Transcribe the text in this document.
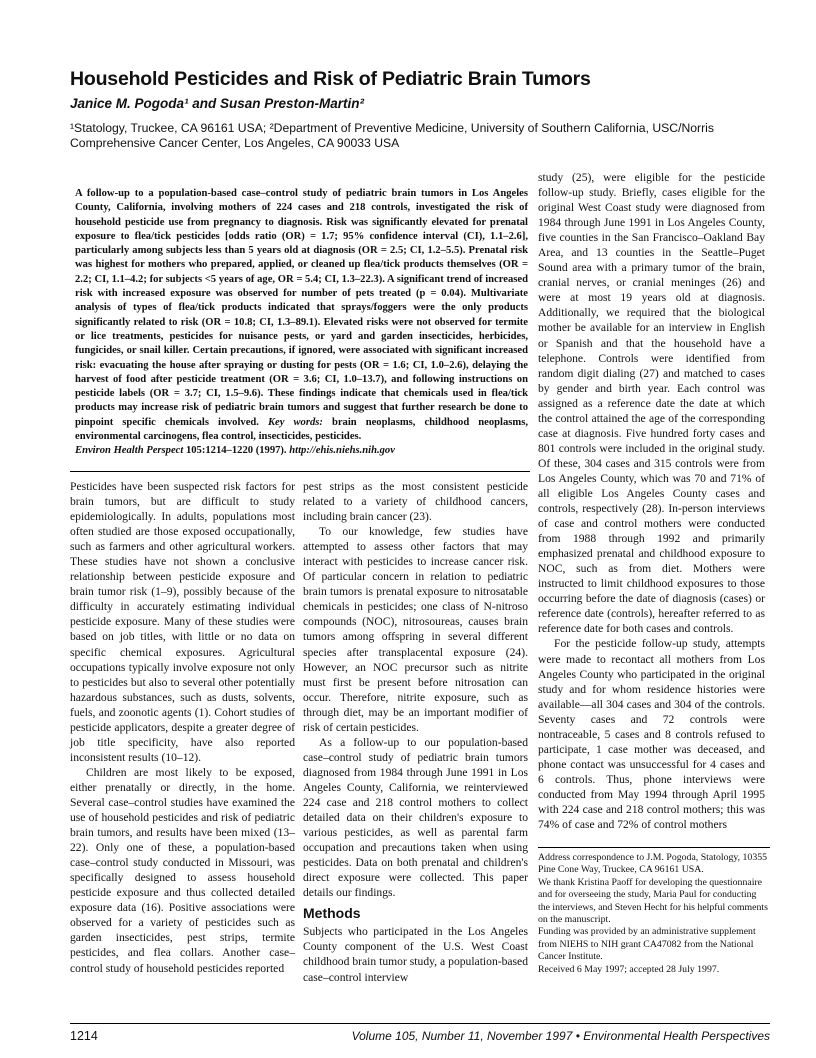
Household Pesticides and Risk of Pediatric Brain Tumors
Janice M. Pogoda¹ and Susan Preston-Martin²
¹Statology, Truckee, CA 96161 USA; ²Department of Preventive Medicine, University of Southern California, USC/Norris Comprehensive Cancer Center, Los Angeles, CA 90033 USA
A follow-up to a population-based case–control study of pediatric brain tumors in Los Angeles County, California, involving mothers of 224 cases and 218 controls, investigated the risk of household pesticide use from pregnancy to diagnosis. Risk was significantly elevated for prenatal exposure to flea/tick pesticides [odds ratio (OR) = 1.7; 95% confidence interval (CI), 1.1–2.6], particularly among subjects less than 5 years old at diagnosis (OR = 2.5; CI, 1.2–5.5). Prenatal risk was highest for mothers who prepared, applied, or cleaned up flea/tick products themselves (OR = 2.2; CI, 1.1–4.2; for subjects <5 years of age, OR = 5.4; CI, 1.3–22.3). A significant trend of increased risk with increased exposure was observed for number of pets treated (p = 0.04). Multivariate analysis of types of flea/tick products indicated that sprays/foggers were the only products significantly related to risk (OR = 10.8; CI, 1.3–89.1). Elevated risks were not observed for termite or lice treatments, pesticides for nuisance pests, or yard and garden insecticides, herbicides, fungicides, or snail killer. Certain precautions, if ignored, were associated with significant increased risk: evacuating the house after spraying or dusting for pests (OR = 1.6; CI, 1.0–2.6), delaying the harvest of food after pesticide treatment (OR = 3.6; CI, 1.0–13.7), and following instructions on pesticide labels (OR = 3.7; CI, 1.5–9.6). These findings indicate that chemicals used in flea/tick products may increase risk of pediatric brain tumors and suggest that further research be done to pinpoint specific chemicals involved. Key words: brain neoplasms, childhood neoplasms, environmental carcinogens, flea control, insecticides, pesticides.
Environ Health Perspect 105:1214–1220 (1997). http://ehis.niehs.nih.gov

Pesticides have been suspected risk factors for brain tumors, but are difficult to study epidemiologically. In adults, populations most often studied are those exposed occupationally, such as farmers and other agricultural workers. These studies have not shown a conclusive relationship between pesticide exposure and brain tumor risk (1–9), possibly because of the difficulty in accurately estimating individual pesticide exposure. Many of these studies were based on job titles, with little or no data on specific chemical exposures. Agricultural occupations typically involve exposure not only to pesticides but also to several other potentially hazardous substances, such as dusts, solvents, fuels, and zoonotic agents (1). Cohort studies of pesticide applicators, despite a greater degree of job title specificity, have also reported inconsistent results (10–12).

Children are most likely to be exposed, either prenatally or directly, in the home. Several case–control studies have examined the use of household pesticides and risk of pediatric brain tumors, and results have been mixed (13–22). Only one of these, a population-based case–control study conducted in Missouri, was specifically designed to assess household pesticide exposure and thus collected detailed exposure data (16). Positive associations were observed for a variety of pesticides such as garden insecticides, pest strips, termite pesticides, and flea collars. Another case–control study of household pesticides reported

pest strips as the most consistent pesticide related to a variety of childhood cancers, including brain cancer (23).

To our knowledge, few studies have attempted to assess other factors that may interact with pesticides to increase cancer risk. Of particular concern in relation to pediatric brain tumors is prenatal exposure to nitrosatable chemicals in pesticides; one class of N-nitroso compounds (NOC), nitrosoureas, causes brain tumors among offspring in several different species after transplacental exposure (24). However, an NOC precursor such as nitrite must first be present before nitrosation can occur. Therefore, nitrite exposure, such as through diet, may be an important modifier of risk of certain pesticides.

As a follow-up to our population-based case–control study of pediatric brain tumors diagnosed from 1984 through June 1991 in Los Angeles County, California, we reinterviewed 224 case and 218 control mothers to collect detailed data on their children's exposure to various pesticides, as well as parental farm occupation and precautions taken when using pesticides. Data on both prenatal and children's direct exposure were collected. This paper details our findings.

Methods

Subjects who participated in the Los Angeles County component of the U.S. West Coast childhood brain tumor study, a population-based case–control interview

study (25), were eligible for the pesticide follow-up study. Briefly, cases eligible for the original West Coast study were diagnosed from 1984 through June 1991 in Los Angeles County, five counties in the San Francisco–Oakland Bay Area, and 13 counties in the Seattle–Puget Sound area with a primary tumor of the brain, cranial nerves, or cranial meninges (26) and were at most 19 years old at diagnosis. Additionally, we required that the biological mother be available for an interview in English or Spanish and that the household have a telephone. Controls were identified from random digit dialing (27) and matched to cases by gender and birth year. Each control was assigned as a reference date the date at which the control attained the age of the corresponding case at diagnosis. Five hundred forty cases and 801 controls were included in the original study. Of these, 304 cases and 315 controls were from Los Angeles County, which was 70 and 71% of all eligible Los Angeles County cases and controls, respectively (28). In-person interviews of case and control mothers were conducted from 1988 through 1992 and primarily emphasized prenatal and childhood exposure to NOC, such as from diet. Mothers were instructed to limit childhood exposures to those occurring before the date of diagnosis (cases) or reference date (controls), hereafter referred to as reference date for both cases and controls.

For the pesticide follow-up study, attempts were made to recontact all mothers from Los Angeles County who participated in the original study and for whom residence histories were available—all 304 cases and 304 of the controls. Seventy cases and 72 controls were nontraceable, 5 cases and 8 controls refused to participate, 1 case mother was deceased, and phone contact was unsuccessful for 4 cases and 6 controls. Thus, phone interviews were conducted from May 1994 through April 1995 with 224 case and 218 control mothers; this was 74% of case and 72% of control mothers

Address correspondence to J.M. Pogoda, Statology, 10355 Pine Cone Way, Truckee, CA 96161 USA.
We thank Kristina Paoff for developing the questionnaire and for overseeing the study, Maria Paul for conducting the interviews, and Steven Hecht for his helpful comments on the manuscript.
Funding was provided by an administrative supplement from NIEHS to NIH grant CA47082 from the National Cancer Institute.
Received 6 May 1997; accepted 28 July 1997.
1214	Volume 105, Number 11, November 1997 • Environmental Health Perspectives
